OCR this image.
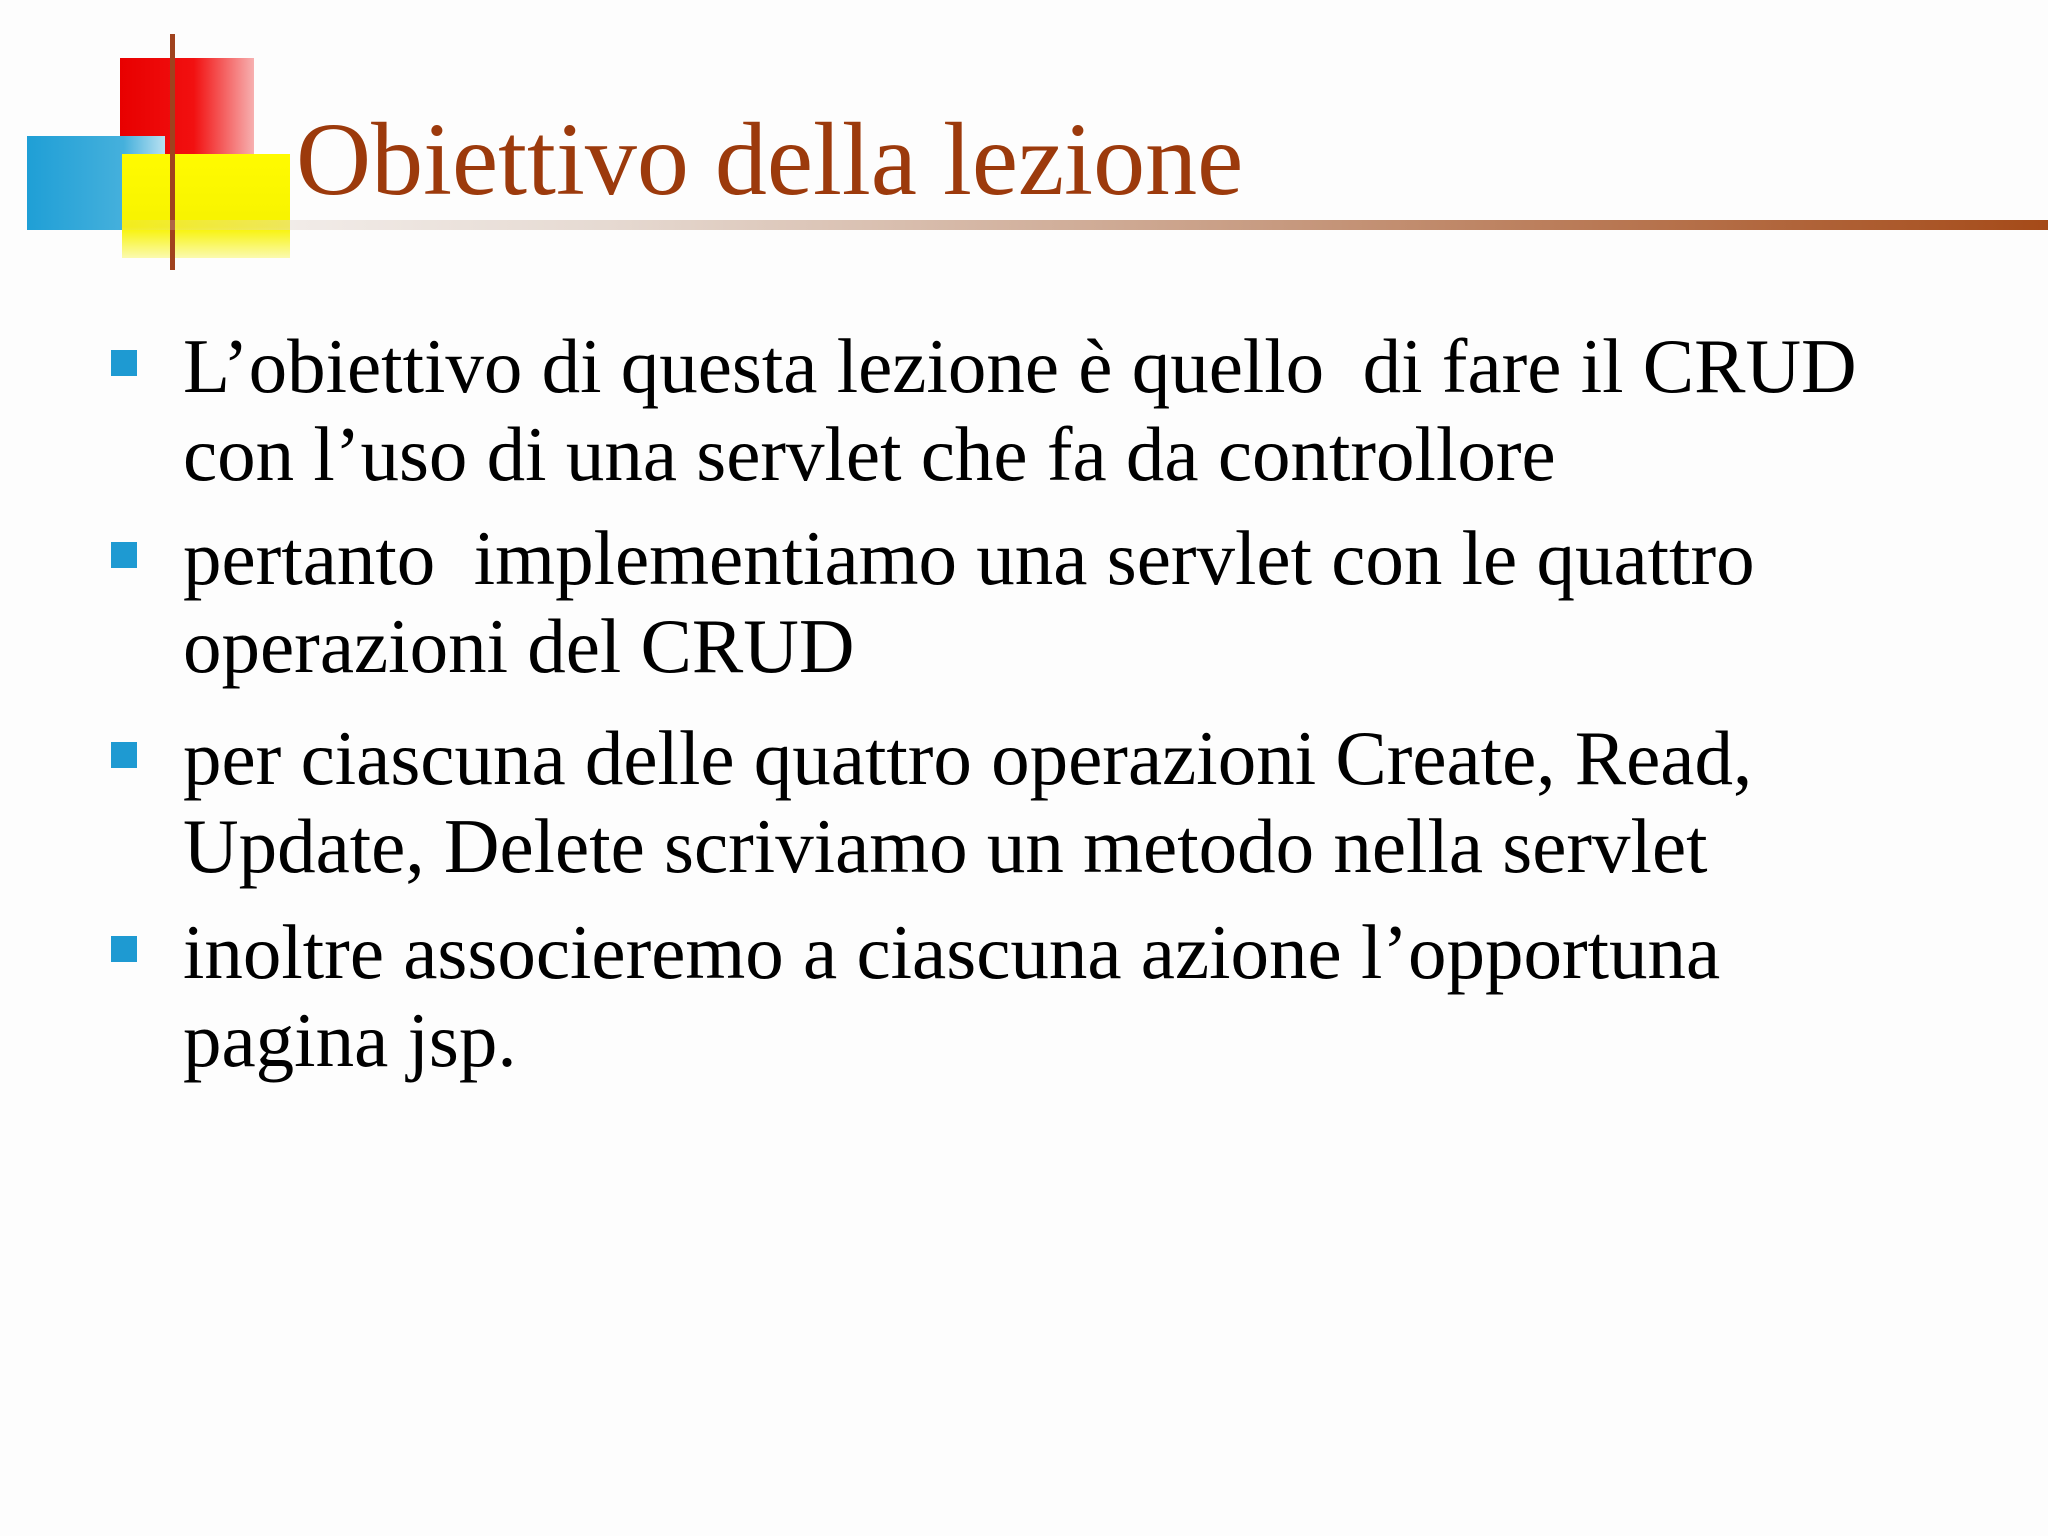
Obiettivo della lezione
L’obiettivo di questa lezione è quello  di fare il CRUD
con l’uso di una servlet che fa da controllore
pertanto  implementiamo una servlet con le quattro
operazioni del CRUD
per ciascuna delle quattro operazioni Create, Read,
Update, Delete scriviamo un metodo nella servlet
inoltre associeremo a ciascuna azione l’opportuna
pagina jsp.
